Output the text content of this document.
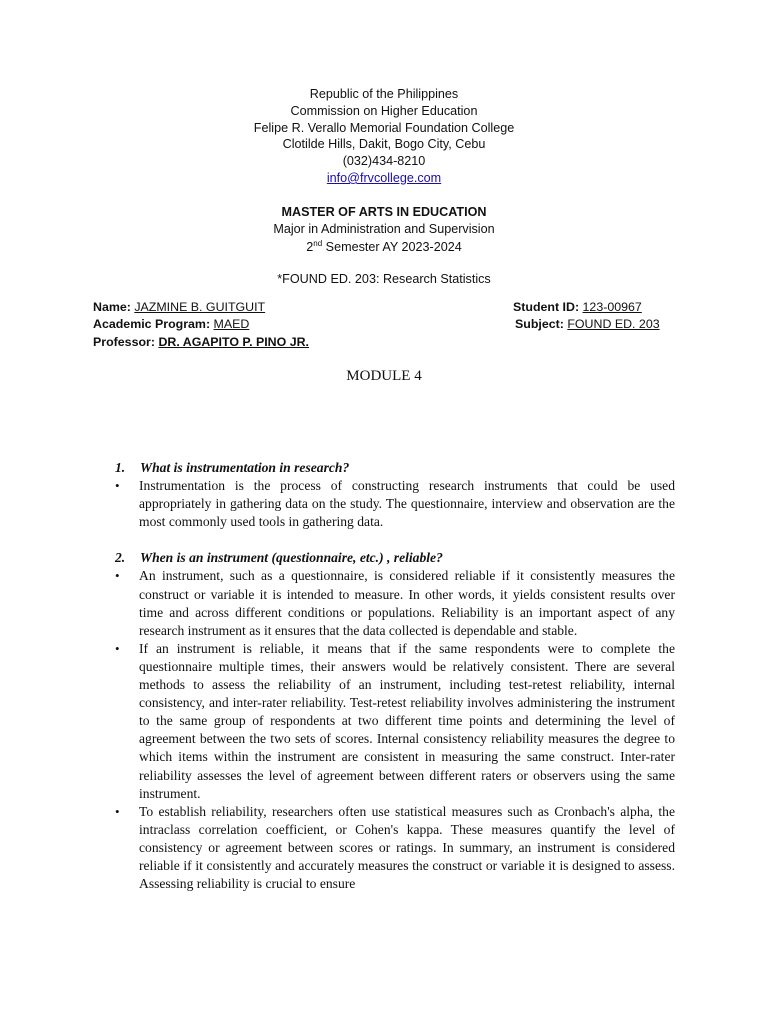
Republic of the Philippines
Commission on Higher Education
Felipe R. Verallo Memorial Foundation College
Clotilde Hills, Dakit, Bogo City, Cebu
(032)434-8210
info@frvcollege.com
MASTER OF ARTS IN EDUCATION
Major in Administration and Supervision
2nd Semester AY 2023-2024
*FOUND ED. 203: Research Statistics
Name: JAZMINE B. GUITGUIT
Academic Program: MAED
Professor: DR. AGAPITO P. PINO JR.
Student ID: 123-00967
Subject: FOUND ED. 203
MODULE 4
1.	What is instrumentation in research?
•	Instrumentation is the process of constructing research instruments that could be used appropriately in gathering data on the study. The questionnaire, interview and observation are the most commonly used tools in gathering data.
2.	When is an instrument (questionnaire, etc.) , reliable?
•	An instrument, such as a questionnaire, is considered reliable if it consistently measures the construct or variable it is intended to measure. In other words, it yields consistent results over time and across different conditions or populations. Reliability is an important aspect of any research instrument as it ensures that the data collected is dependable and stable.
•	If an instrument is reliable, it means that if the same respondents were to complete the questionnaire multiple times, their answers would be relatively consistent. There are several methods to assess the reliability of an instrument, including test-retest reliability, internal consistency, and inter-rater reliability. Test-retest reliability involves administering the instrument to the same group of respondents at two different time points and determining the level of agreement between the two sets of scores. Internal consistency reliability measures the degree to which items within the instrument are consistent in measuring the same construct. Inter-rater reliability assesses the level of agreement between different raters or observers using the same instrument.
•	To establish reliability, researchers often use statistical measures such as Cronbach's alpha, the intraclass correlation coefficient, or Cohen's kappa. These measures quantify the level of consistency or agreement between scores or ratings. In summary, an instrument is considered reliable if it consistently and accurately measures the construct or variable it is designed to assess. Assessing reliability is crucial to ensure
